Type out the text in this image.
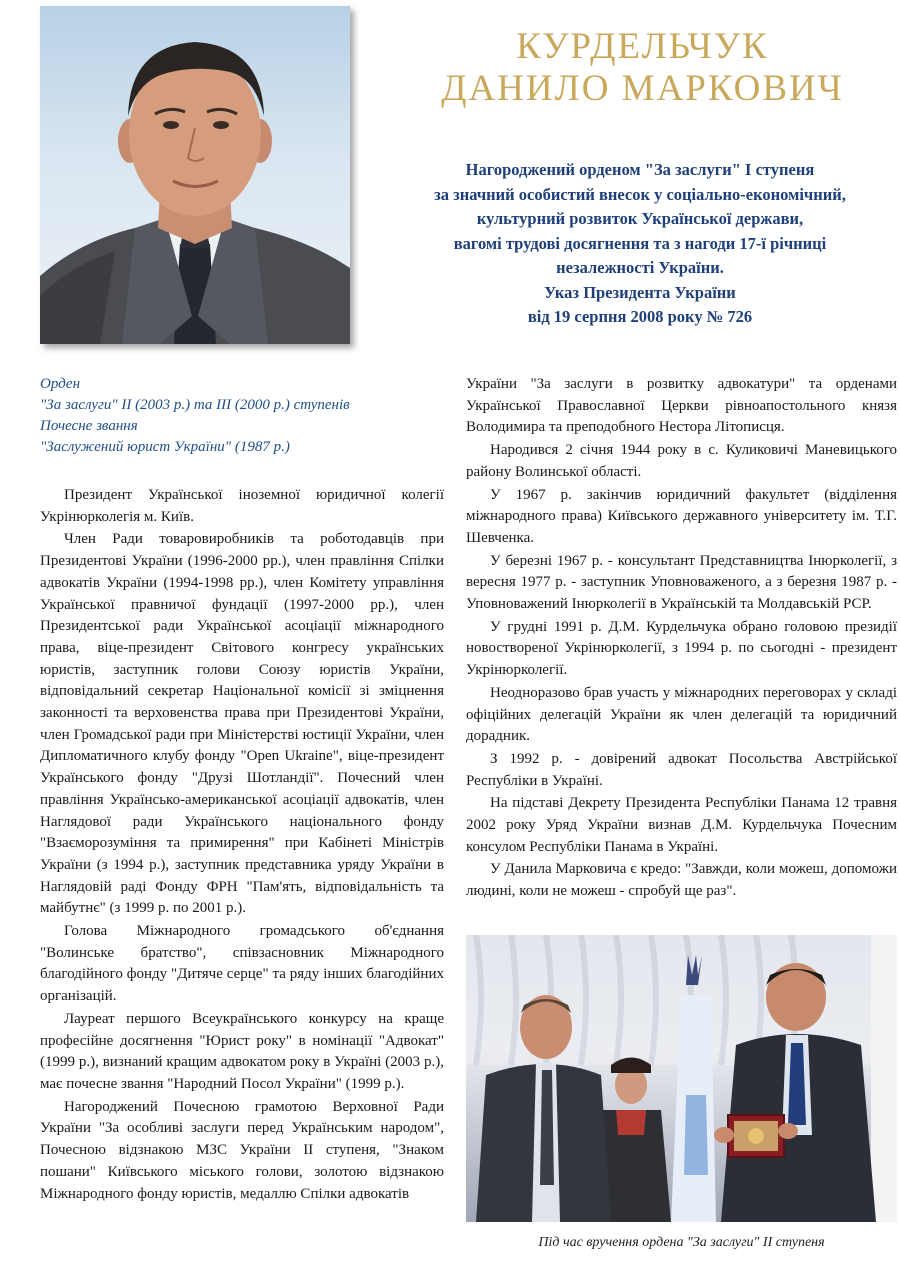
КУРДЕЛЬЧУК
ДАНИЛО МАРКОВИЧ
Нагороджений орденом "За заслуги" I ступеня
за значний особистий внесок у соціально-економічний,
культурний розвиток Української держави,
вагомі трудові досягнення та з нагоди 17-ї річниці
незалежності України.
Указ Президента України
від 19 серпня 2008 року № 726
Орден
"За заслуги" II (2003 р.) та III (2000 р.) ступенів
Почесне звання
"Заслужений юрист України" (1987 р.)

Президент Української іноземної юридичної колегії Укрінюрколегія м. Київ.

Член Ради товаровиробників та роботодавців при Президентові України (1996-2000 рр.), член правління Спілки адвокатів України (1994-1998 рр.), член Комітету управління Української правничої фундації (1997-2000 рр.), член Президентської ради Української асоціації міжнародного права, віце-президент Світового конгресу українських юристів, заступник голови Союзу юристів України, відповідальний секретар Національної комісії зі зміцнення законності та верховенства права при Президентові України, член Громадської ради при Міністерстві юстиції України, член Дипломатичного клубу фонду "Open Ukraine", віце-президент Українського фонду "Друзі Шотландії". Почесний член правління Українсько-американської асоціації адвокатів, член Наглядової ради Українського національного фонду "Взаєморозуміння та примирення" при Кабінеті Міністрів України (з 1994 р.), заступник представника уряду України в Наглядовій раді Фонду ФРН "Пам'ять, відповідальність та майбутнє" (з 1999 р. по 2001 р.).

Голова Міжнародного громадського об'єднання "Волинське братство", співзасновник Міжнародного благодійного фонду "Дитяче серце" та ряду інших благодійних організацій.

Лауреат першого Всеукраїнського конкурсу на краще професійне досягнення "Юрист року" в номінації "Адвокат" (1999 р.), визнаний кращим адвокатом року в Україні (2003 р.), має почесне звання "Народний Посол України" (1999 р.).

Нагороджений Почесною грамотою Верховної Ради України "За особливі заслуги перед Українським народом", Почесною відзнакою МЗС України II ступеня, "Знаком пошани" Київського міського голови, золотою відзнакою Міжнародного фонду юристів, медаллю Спілки адвокатів

України "За заслуги в розвитку адвокатури" та орденами Української Православної Церкви рівноапостольного князя Володимира та преподобного Нестора Літописця.

Народився 2 січня 1944 року в с. Куликовичі Маневицького району Волинської області.

У 1967 р. закінчив юридичний факультет (відділення міжнародного права) Київського державного університету ім. Т.Г. Шевченка.

У березні 1967 р. - консультант Представництва Інюрколегії, з вересня 1977 р. - заступник Уповноваженого, а з березня 1987 р. - Уповноважений Інюрколегії в Українській та Молдавській РСР.

У грудні 1991 р. Д.М. Курдельчука обрано головою президії новоствореної Укрінюрколегії, з 1994 р. по сьогодні - президент Укрінюрколегії.

Неодноразово брав участь у міжнародних переговорах у складі офіційних делегацій України як член делегацій та юридичний дорадник.

З 1992 р. - довірений адвокат Посольства Австрійської Республіки в Україні.

На підставі Декрету Президента Республіки Панама 12 травня 2002 року Уряд України визнав Д.М. Курдельчука Почесним консулом Республіки Панама в Україні.

У Данила Марковича є кредо: "Завжди, коли можеш, допоможи людині, коли не можеш - спробуй ще раз".

Під час вручення ордена "За заслуги" II ступеня
